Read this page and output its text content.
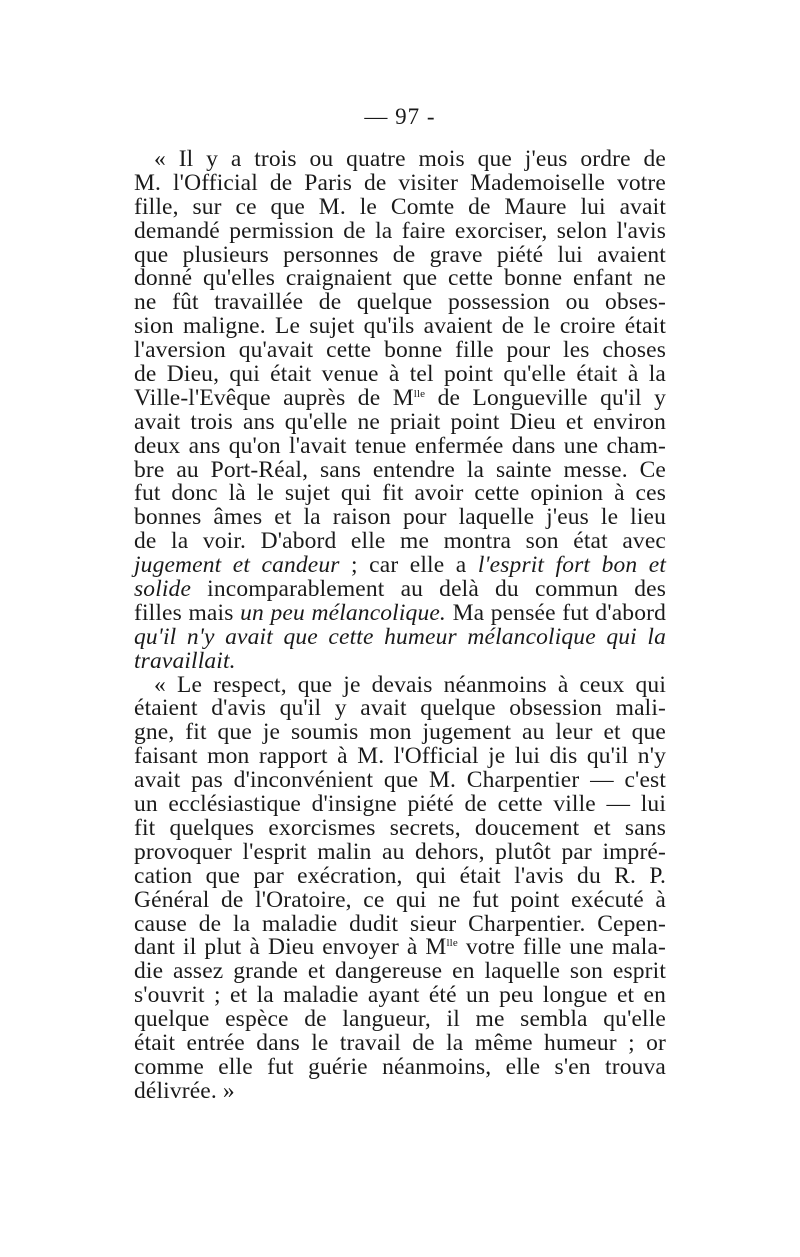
— 97 -
« Il y a trois ou quatre mois que j'eus ordre de
M. l'Official de Paris de visiter Mademoiselle votre
fille, sur ce que M. le Comte de Maure lui avait
demandé permission de la faire exorciser, selon l'avis
que plusieurs personnes de grave piété lui avaient
donné qu'elles craignaient que cette bonne enfant ne
ne fût travaillée de quelque possession ou obses-
sion maligne. Le sujet qu'ils avaient de le croire était
l'aversion qu'avait cette bonne fille pour les choses
de Dieu, qui était venue à tel point qu'elle était à la
Ville-l'Evêque auprès de $M^{lle}$ de Longueville qu'il y
avait trois ans qu'elle ne priait point Dieu et environ
deux ans qu'on l'avait tenue enfermée dans une cham-
bre au Port-Réal, sans entendre la sainte messe. Ce
fut donc là le sujet qui fit avoir cette opinion à ces
bonnes âmes et la raison pour laquelle j'eus le lieu
de la voir. D'abord elle me montra son état avec
jugement et candeur ; car elle a l'esprit fort bon et
solide incomparablement au delà du commun des
filles mais un peu mélancolique. Ma pensée fut d'abord
qu'il n'y avait que cette humeur mélancolique qui la
travaillait.
« Le respect, que je devais néanmoins à ceux qui
étaient d'avis qu'il y avait quelque obsession mali-
gne, fit que je soumis mon jugement au leur et que
faisant mon rapport à M. l'Official je lui dis qu'il n'y
avait pas d'inconvénient que M. Charpentier — c'est
un ecclésiastique d'insigne piété de cette ville — lui
fit quelques exorcismes secrets, doucement et sans
provoquer l'esprit malin au dehors, plutôt par impré-
cation que par exécration, qui était l'avis du R. P.
Général de l'Oratoire, ce qui ne fut point exécuté à
cause de la maladie dudit sieur Charpentier. Cepen-
dant il plut à Dieu envoyer à $M^{lle}$ votre fille une mala-
die assez grande et dangereuse en laquelle son esprit
s'ouvrit ; et la maladie ayant été un peu longue et en
quelque espèce de langueur, il me sembla qu'elle
était entrée dans le travail de la même humeur ; or
comme elle fut guérie néanmoins, elle s'en trouva
délivrée. »
